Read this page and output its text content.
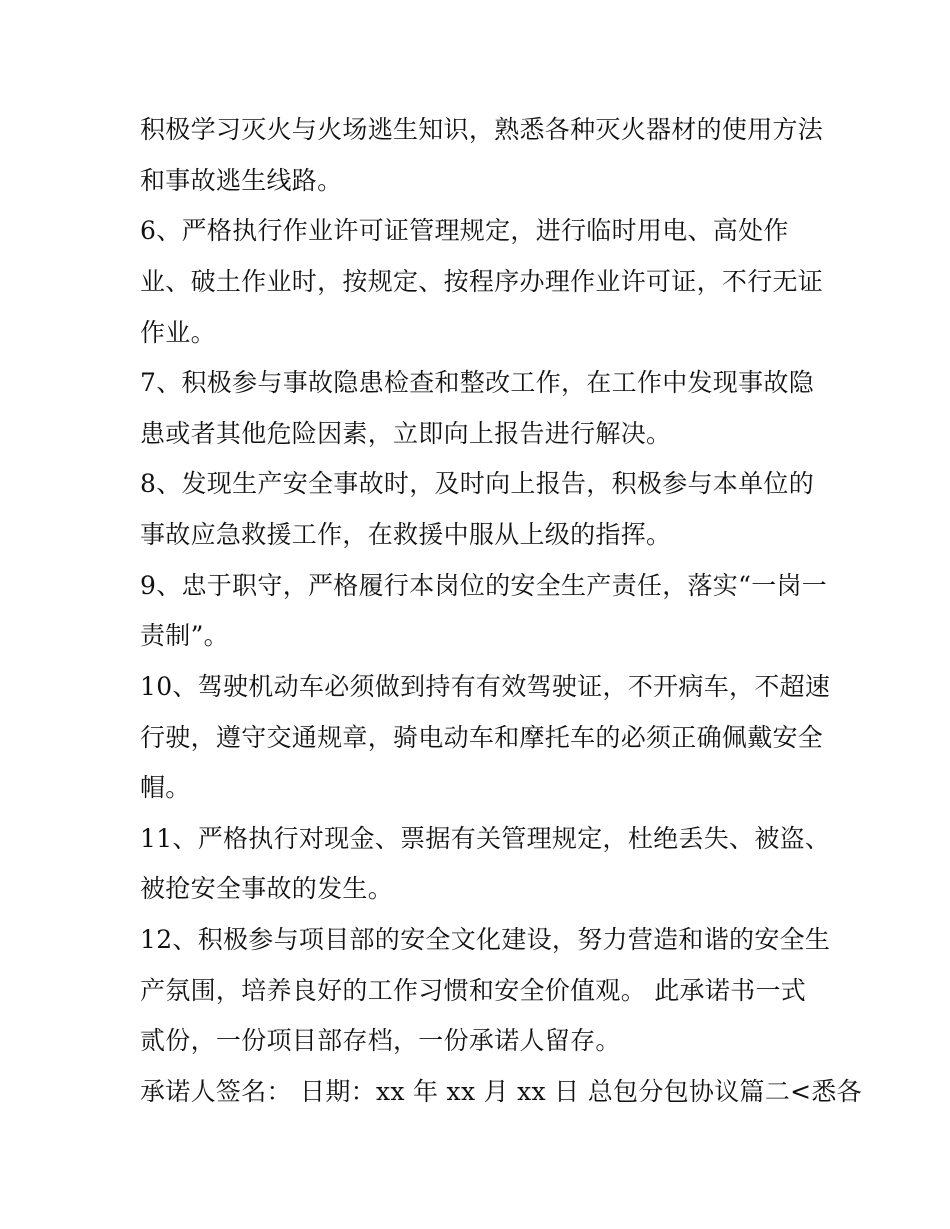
积极学习灭火与火场逃生知识，熟悉各种灭火器材的使用方法
和事故逃生线路。
6、严格执行作业许可证管理规定，进行临时用电、高处作
业、破土作业时，按规定、按程序办理作业许可证，不行无证
作业。
7、积极参与事故隐患检查和整改工作，在工作中发现事故隐
患或者其他危险因素，立即向上报告进行解决。
8、发现生产安全事故时，及时向上报告，积极参与本单位的
事故应急救援工作，在救援中服从上级的指挥。
9、忠于职守，严格履行本岗位的安全生产责任，落实“一岗一
责制”。
10、驾驶机动车必须做到持有有效驾驶证，不开病车，不超速
行驶，遵守交通规章，骑电动车和摩托车的必须正确佩戴安全
帽。
11、严格执行对现金、票据有关管理规定，杜绝丢失、被盗、
被抢安全事故的发生。
12、积极参与项目部的安全文化建设，努力营造和谐的安全生
产氛围，培养良好的工作习惯和安全价值观。 此承诺书一式
贰份，一份项目部存档，一份承诺人留存。
承诺人签名： 日期：xx 年 xx 月 xx 日 总包分包协议篇二<悉各
